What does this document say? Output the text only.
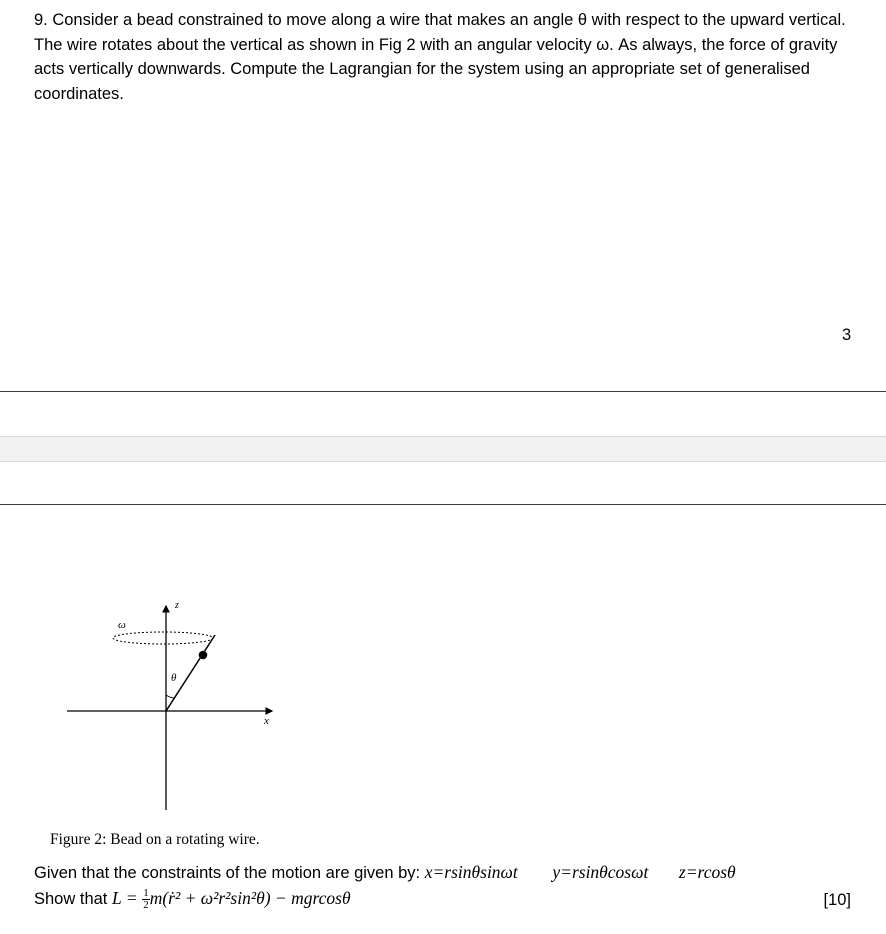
9. Consider a bead constrained to move along a wire that makes an angle θ with respect to the upward vertical. The wire rotates about the vertical as shown in Fig 2 with an angular velocity ω. As always, the force of gravity acts vertically downwards. Compute the Lagrangian for the system using an appropriate set of generalised coordinates.

3
ω
z
θ
x
Figure 2: Bead on a rotating wire.
Given that the constraints of the motion are given by: x=rsinθsinωt y=rsinθcosωt z=rcosθ
Show that $L = \frac{1}{2}$ m(ṙ² + ω²r²sin²θ) − mgrcosθ	[10]
